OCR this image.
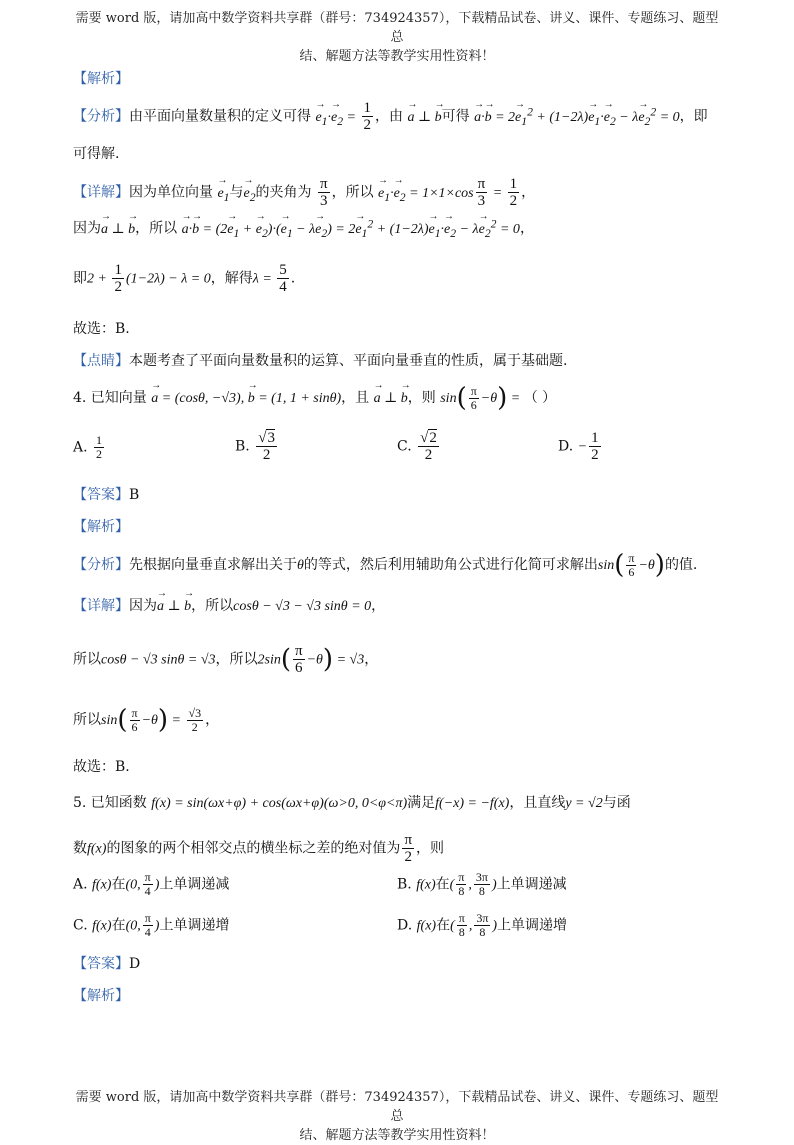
需要 word 版，请加高中数学资料共享群（群号：734924357），下载精品试卷、讲义、课件、专题练习、题型总
结、解题方法等教学实用性资料！
【解析】
【分析】由平面向量数量积的定义可得 → $e_1\cdot\to e_2 = \frac{1}{2}$ ，由 → a ⊥ → b可得 → $a\cdot\to b = 2\to e_1^2 + (1-2\lambda)\to e_1\cdot\to e_2 - \lambda\to e_2^2 = 0$，即
可得解.
【详解】因为单位向量 → $e_1$与→ $e_2$的夹角为 $\frac{\pi}{3}$ ，所以 → $e_1\cdot\to e_2 = 1\times 1\times\cos \frac{\pi}{3} = \frac{1}{2}$ ，
因为→ a ⊥ → b，所以 → $a\cdot\to b = (2\to e_1$ + → $e_2)\cdot(\to e_1 - \lambda\to e_2) = 2\to e_1^2 + (1-2\lambda)\to e_1\cdot\to e_2 - \lambda\to e_2^2 = 0$，
即$2 + \frac{1}{2} (1-2\lambda) - \lambda = 0$，解得$\lambda = \frac{5}{4}$ .
故选：B.
【点睛】本题考查了平面向量数量积的运算、平面向量垂直的性质，属于基础题.
4. 已知向量 → a = (cosθ, −√3), → b = (1, 1 + sinθ)，且 → a ⊥ → b，则 $\sin( \frac{\pi}{6} -\theta)$ = （ ）
A. $\frac{1}{2}$	B. $\frac{√3}{2}$	C. $\frac{√2}{2}$	D. − $\frac{1}{2}$
【答案】B
【解析】
【分析】先根据向量垂直求解出关于θ的等式，然后利用辅助角公式进行化简可求解出$\sin( \frac{\pi}{6} -\theta)$的值.
【详解】因为→ a ⊥ → b，所以cosθ − √3 − √3 sinθ = 0，
所以cosθ − √3 sinθ = √3，所以$2\sin( \frac{\pi}{6} -\theta) = √3$，
所以$\sin( \frac{\pi}{6} -\theta) = \frac{√3}{2}$ ，
故选：B.
5. 已知函数 f(x) = sin(ωx+φ) + cos(ωx+φ)(ω>0, 0<φ<π)满足f(−x) = −f(x)，且直线y = √2与函
数f(x)的图象的两个相邻交点的横坐标之差的绝对值为 $\frac{\pi}{2}$ ，则
A. f(x)在(0, $\frac{\pi}{4}$ )上单调递减	B. f(x)在( $\frac{\pi}{8}$ , $\frac{3\pi}{8}$ )上单调递减
C. f(x)在(0, $\frac{\pi}{4}$ )上单调递增	D. f(x)在( $\frac{\pi}{8}$ , $\frac{3\pi}{8}$ )上单调递增
【答案】D
【解析】
需要 word 版，请加高中数学资料共享群（群号：734924357），下载精品试卷、讲义、课件、专题练习、题型总
结、解题方法等教学实用性资料！
